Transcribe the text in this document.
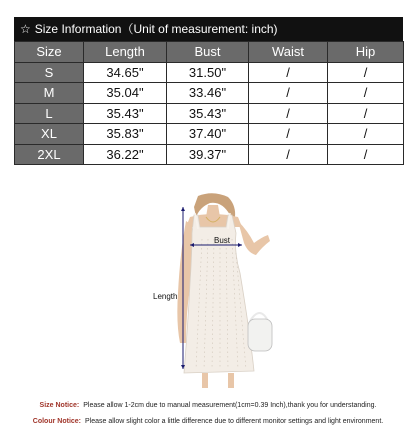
☆ Size Information（Unit of measurement: inch)
Size	Length	Bust	Waist	Hip
S	34.65"	31.50"	/	/
M	35.04"	33.46"	/	/
L	35.43"	35.43"	/	/
XL	35.83"	37.40"	/	/
2XL	36.22"	39.37"	/	/
Bust
Length
Size Notice: Please allow 1-2cm due to manual measurement(1cm=0.39 Inch),thank you for understanding.
Colour Notice: Please allow slight color a little difference due to different monitor settings and light environment.
